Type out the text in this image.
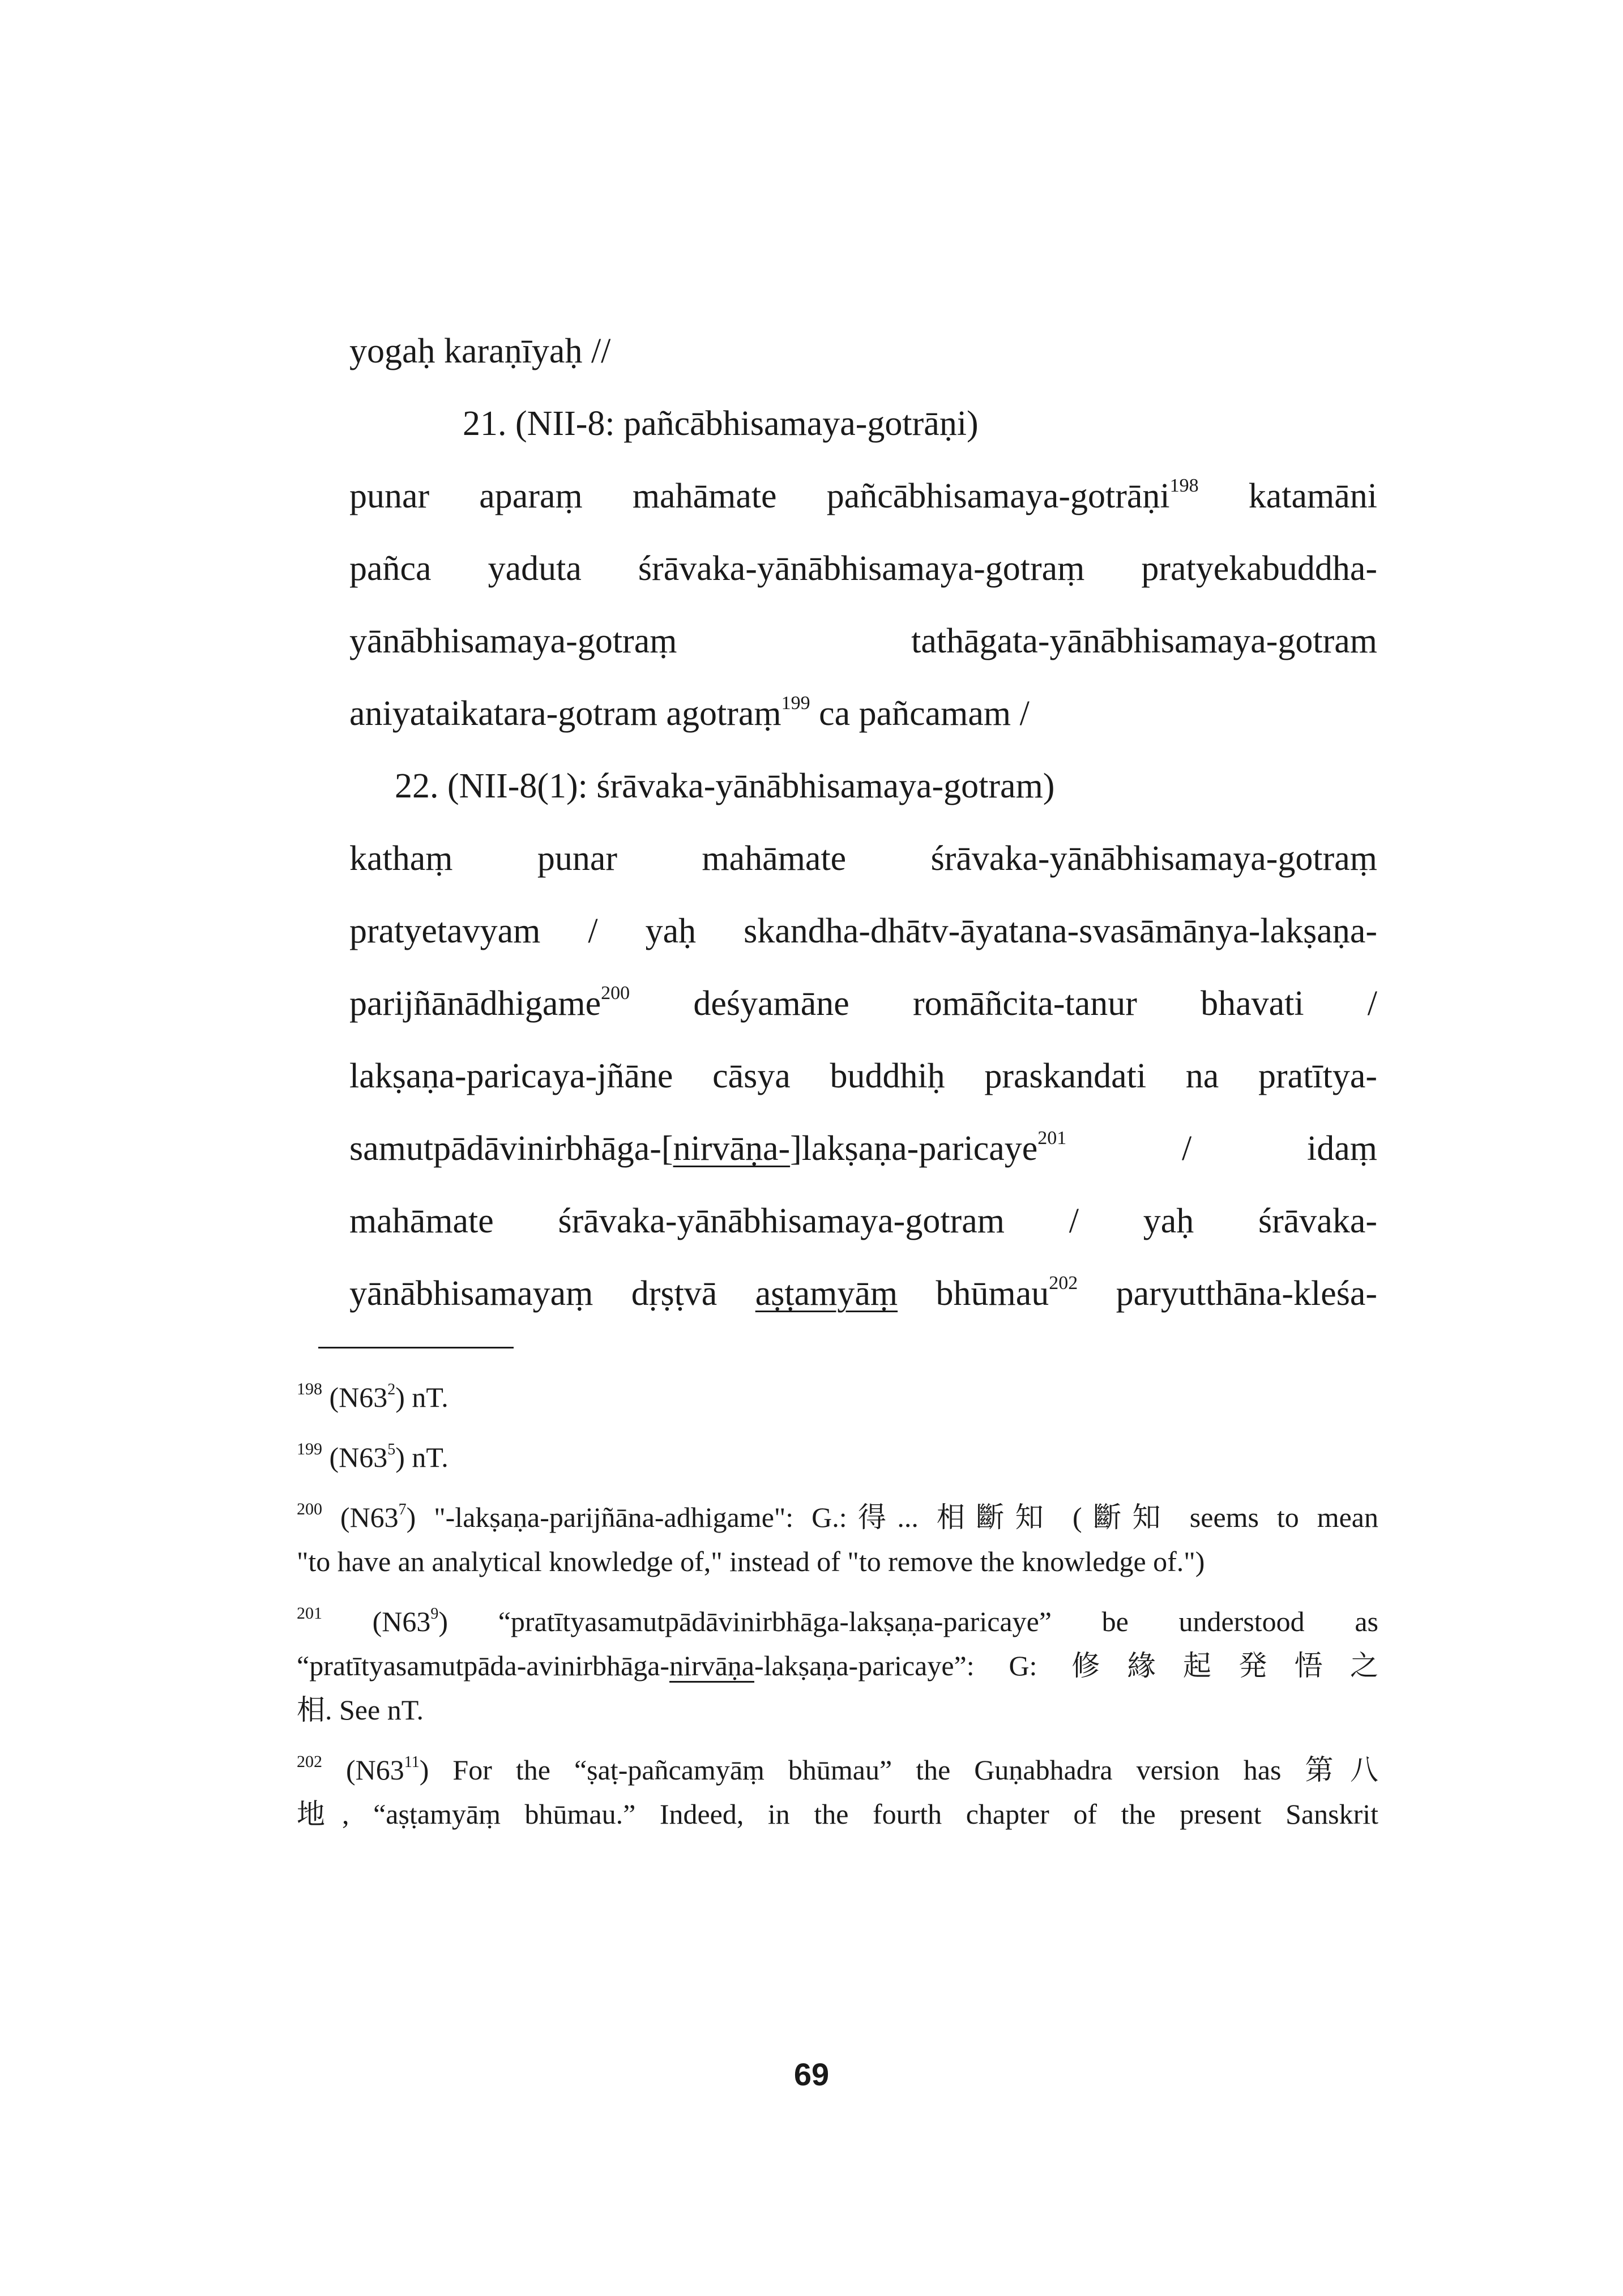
yogaḥ karaṇīyaḥ //
21. (NII-8: pañcābhisamaya-gotrāṇi)
punar aparaṃ mahāmate pañcābhisamaya-gotrāṇi$^{198}$ katamāni
pañca yaduta śrāvaka-yānābhisamaya-gotraṃ pratyekabuddha-
yānābhisamaya-gotraṃ tathāgata-yānābhisamaya-gotram
aniyataikatara-gotram agotraṃ$^{199}$ ca pañcamam /
22. (NII-8(1): śrāvaka-yānābhisamaya-gotram)
kathaṃ punar mahāmate śrāvaka-yānābhisamaya-gotraṃ
pratyetavyam / yaḥ skandha-dhātv-āyatana-svasāmānya-lakṣaṇa-
parijñānādhigame$^{200}$ deśyamāne romāñcita-tanur bhavati /
lakṣaṇa-paricaya-jñāne cāsya buddhiḥ praskandati na pratītya-
samutpādāvinirbhāga-[nirvāṇa-]lakṣaṇa-paricaye$^{201}$ / idaṃ
mahāmate śrāvaka-yānābhisamaya-gotram / yaḥ śrāvaka-
yānābhisamayaṃ dṛṣṭvā aṣṭamyāṃ bhūmau$^{202}$ paryutthāna-kleśa-
$^{198}$ (N63$^2$) nT.
$^{199}$ (N63$^5$) nT.
$^{200}$ (N63$^7$) "-lakṣaṇa-parijñāna-adhigame": G.:得... 相斷知 (斷知 seems to mean
"to have an analytical knowledge of," instead of "to remove the knowledge of.")
$^{201}$ (N63$^9$) “pratītyasamutpādāvinirbhāga-lakṣaṇa-paricaye” be understood as
“pratītyasamutpāda-avinirbhāga-nirvāṇa-lakṣaṇa-paricaye”: G: 修緣起発悟之
相. See nT.
$^{202}$ (N63$^{11}$) For the “ṣaṭ-pañcamyāṃ bhūmau” the Guṇabhadra version has 第八
地, “aṣṭamyāṃ bhūmau.” Indeed, in the fourth chapter of the present Sanskrit
69
